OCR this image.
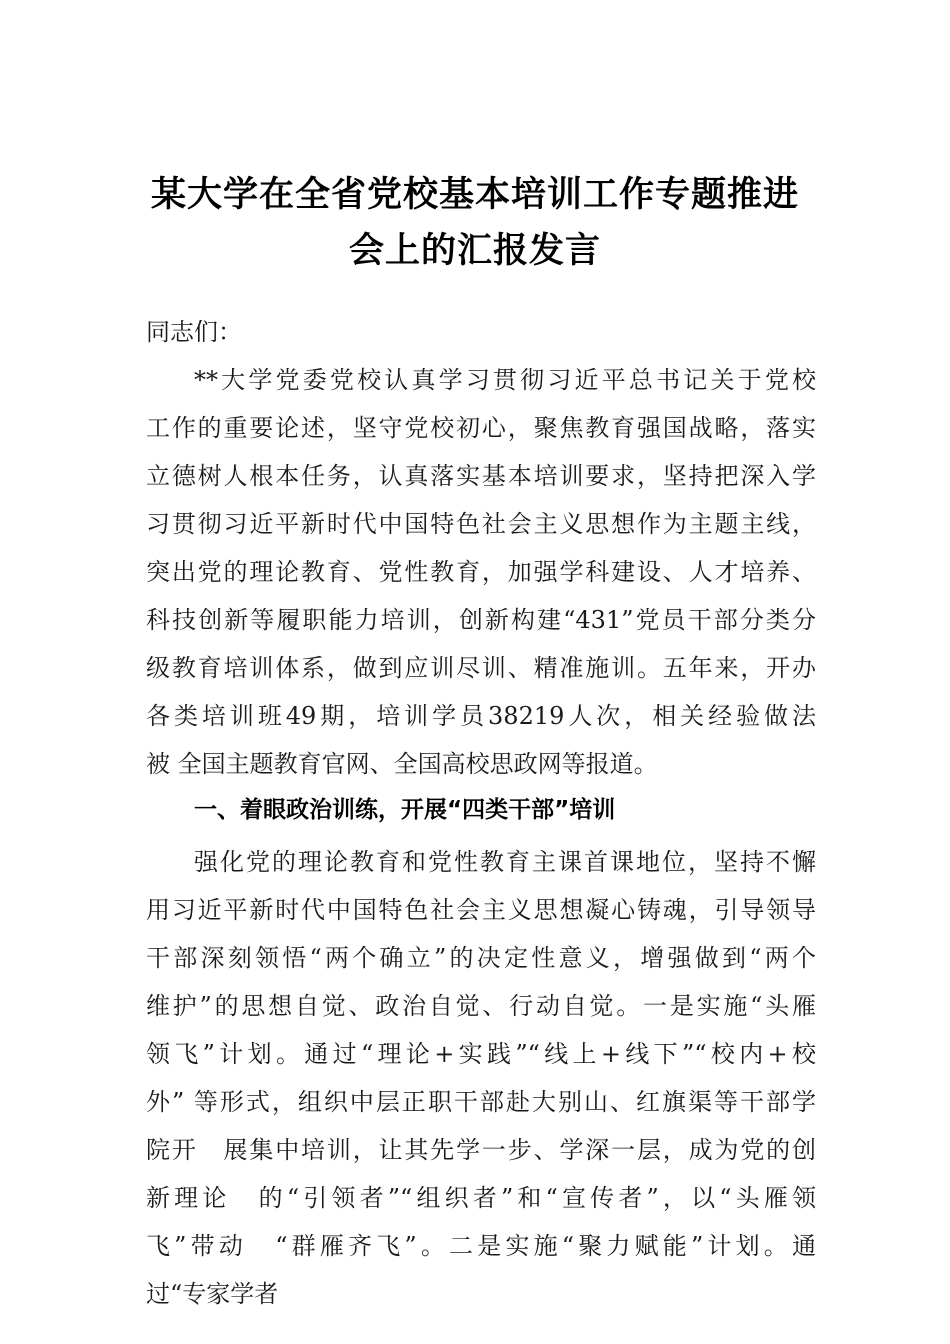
某大学在全省党校基本培训工作专题推进
会上的汇报发言
同志们：
**大学党委党校认真学习贯彻习近平总书记关于党校
工作的重要论述，坚守党校初心，聚焦教育强国战略，落实
立德树人根本任务，认真落实基本培训要求，坚持把深入学
习贯彻习近平新时代中国特色社会主义思想作为主题主线，
突出党的理论教育、党性教育，加强学科建设、人才培养、
科技创新等履职能力培训，创新构建“431”党员干部分类分
级教育培训体系，做到应训尽训、精准施训。五年来，开办
各类培训班49期，培训学员38219人次，相关经验做法
被 全国主题教育官网、全国高校思政网等报道。
一、着眼政治训练，开展“四类干部”培训
强化党的理论教育和党性教育主课首课地位，坚持不懈
用习近平新时代中国特色社会主义思想凝心铸魂，引导领导
干部深刻领悟“两个确立”的决定性意义，增强做到“两个
维护”的思想自觉、政治自觉、行动自觉。一是实施“头雁
领飞”计划。通过“理论+实践”“线上+线下”“校内+校
外” 等形式，组织中层正职干部赴大别山、红旗渠等干部学
院开　展集中培训，让其先学一步、学深一层，成为党的创
新理论　的“引领者”“组织者”和“宣传者”，以“头雁领
飞”带动　“群雁齐飞”。二是实施“聚力赋能”计划。通
过“专家学者
